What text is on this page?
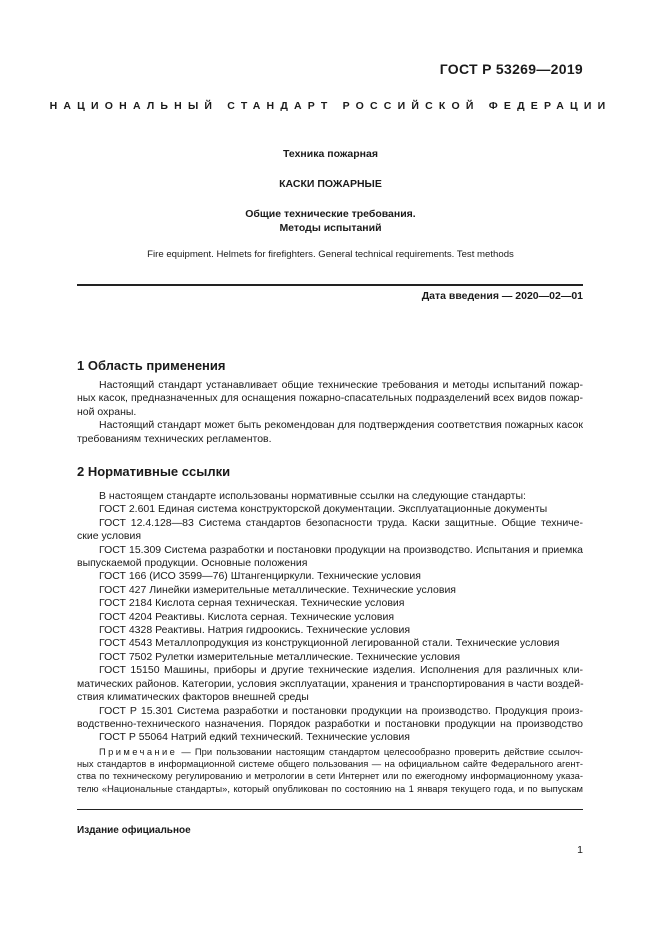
ГОСТ Р 53269—2019
НАЦИОНАЛЬНЫЙ СТАНДАРТ РОССИЙСКОЙ ФЕДЕРАЦИИ
Техника пожарная
КАСКИ ПОЖАРНЫЕ
Общие технические требования.
Методы испытаний
Fire equipment. Helmets for firefighters. General technical requirements. Test methods
Дата введения — 2020—02—01
1 Область применения
Настоящий стандарт устанавливает общие технические требования и методы испытаний пожар-
ных касок, предназначенных для оснащения пожарно-спасательных подразделений всех видов пожар-
ной охраны.
Настоящий стандарт может быть рекомендован для подтверждения соответствия пожарных касок
требованиям технических регламентов.
2 Нормативные ссылки
В настоящем стандарте использованы нормативные ссылки на следующие стандарты:
ГОСТ 2.601 Единая система конструкторской документации. Эксплуатационные документы
ГОСТ 12.4.128—83 Система стандартов безопасности труда. Каски защитные. Общие техниче-
ские условия
ГОСТ 15.309 Система разработки и постановки продукции на производство. Испытания и приемка
выпускаемой продукции. Основные положения
ГОСТ 166 (ИСО 3599—76) Штангенциркули. Технические условия
ГОСТ 427 Линейки измерительные металлические. Технические условия
ГОСТ 2184 Кислота серная техническая. Технические условия
ГОСТ 4204 Реактивы. Кислота серная. Технические условия
ГОСТ 4328 Реактивы. Натрия гидроокись. Технические условия
ГОСТ 4543 Металлопродукция из конструкционной легированной стали. Технические условия
ГОСТ 7502 Рулетки измерительные металлические. Технические условия
ГОСТ 15150 Машины, приборы и другие технические изделия. Исполнения для различных кли-
матических районов. Категории, условия эксплуатации, хранения и транспортирования в части воздей-
ствия климатических факторов внешней среды
ГОСТ Р 15.301 Система разработки и постановки продукции на производство. Продукция произ-
водственно-технического назначения. Порядок разработки и постановки продукции на производство
ГОСТ Р 55064 Натрий едкий технический. Технические условия
Примечание — При пользовании настоящим стандартом целесообразно проверить действие ссылоч-
ных стандартов в информационной системе общего пользования — на официальном сайте Федерального агент-
ства по техническому регулированию и метрологии в сети Интернет или по ежегодному информационному указа-
телю «Национальные стандарты», который опубликован по состоянию на 1 января текущего года, и по выпускам
Издание официальное
1
